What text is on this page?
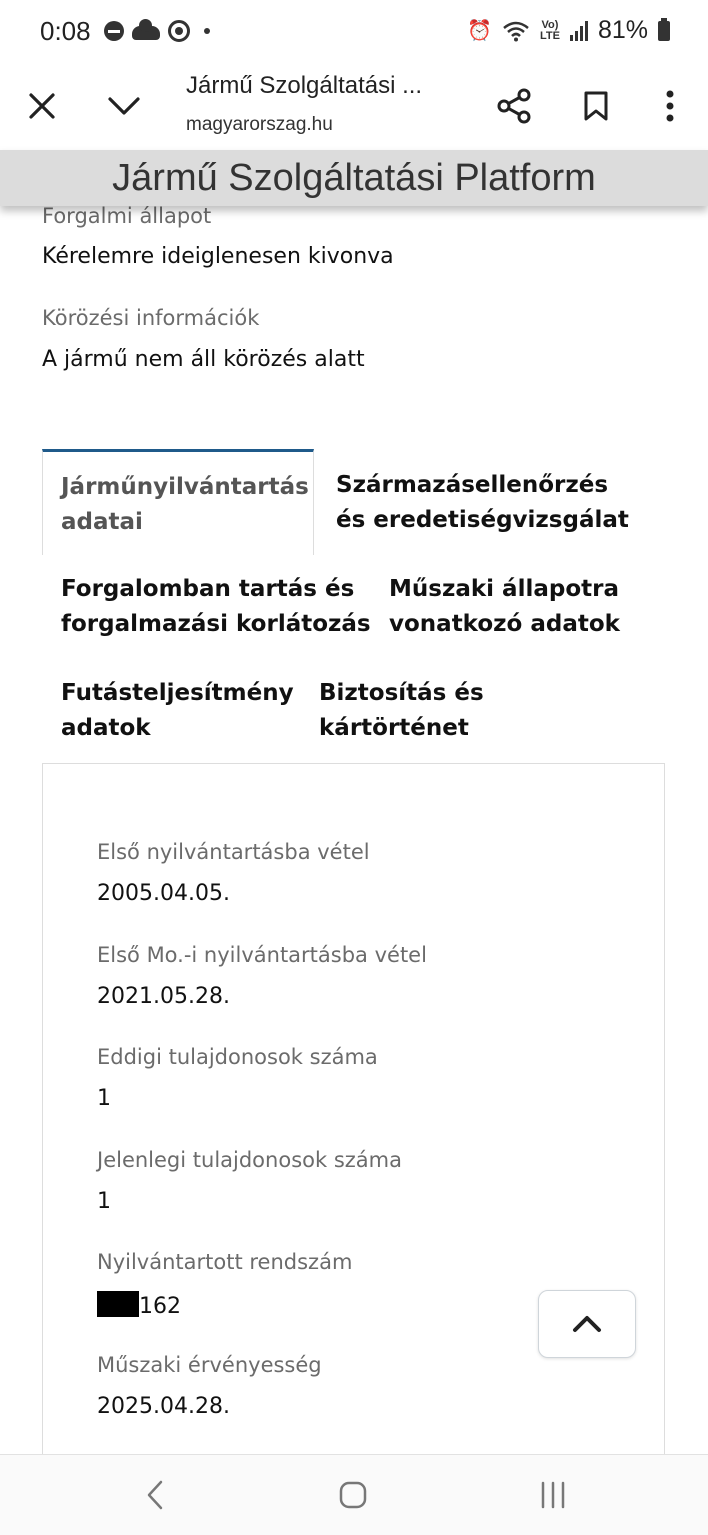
0:08	⏰	Vo)
LTE 81%
Jármű Szolgáltatási ...
magyarorszag.hu
Jármű Szolgáltatási Platform
Forgalmi állapot
Kérelemre ideiglenesen kivonva
Körözési információk
A jármű nem áll körözés alatt
Járműnyilvántartás adatai
Származásellenőrzés és eredetiségvizsgálat
Forgalomban tartás és forgalmazási korlátozás
Műszaki állapotra vonatkozó adatok
Futásteljesítmény adatok
Biztosítás és kártörténet
Első nyilvántartásba vétel
2005.04.05.
Első Mo.-i nyilvántartásba vétel
2021.05.28.
Eddigi tulajdonosok száma
1
Jelenlegi tulajdonosok száma
1
Nyilvántartott rendszám
162
Műszaki érvényesség
2025.04.28.
